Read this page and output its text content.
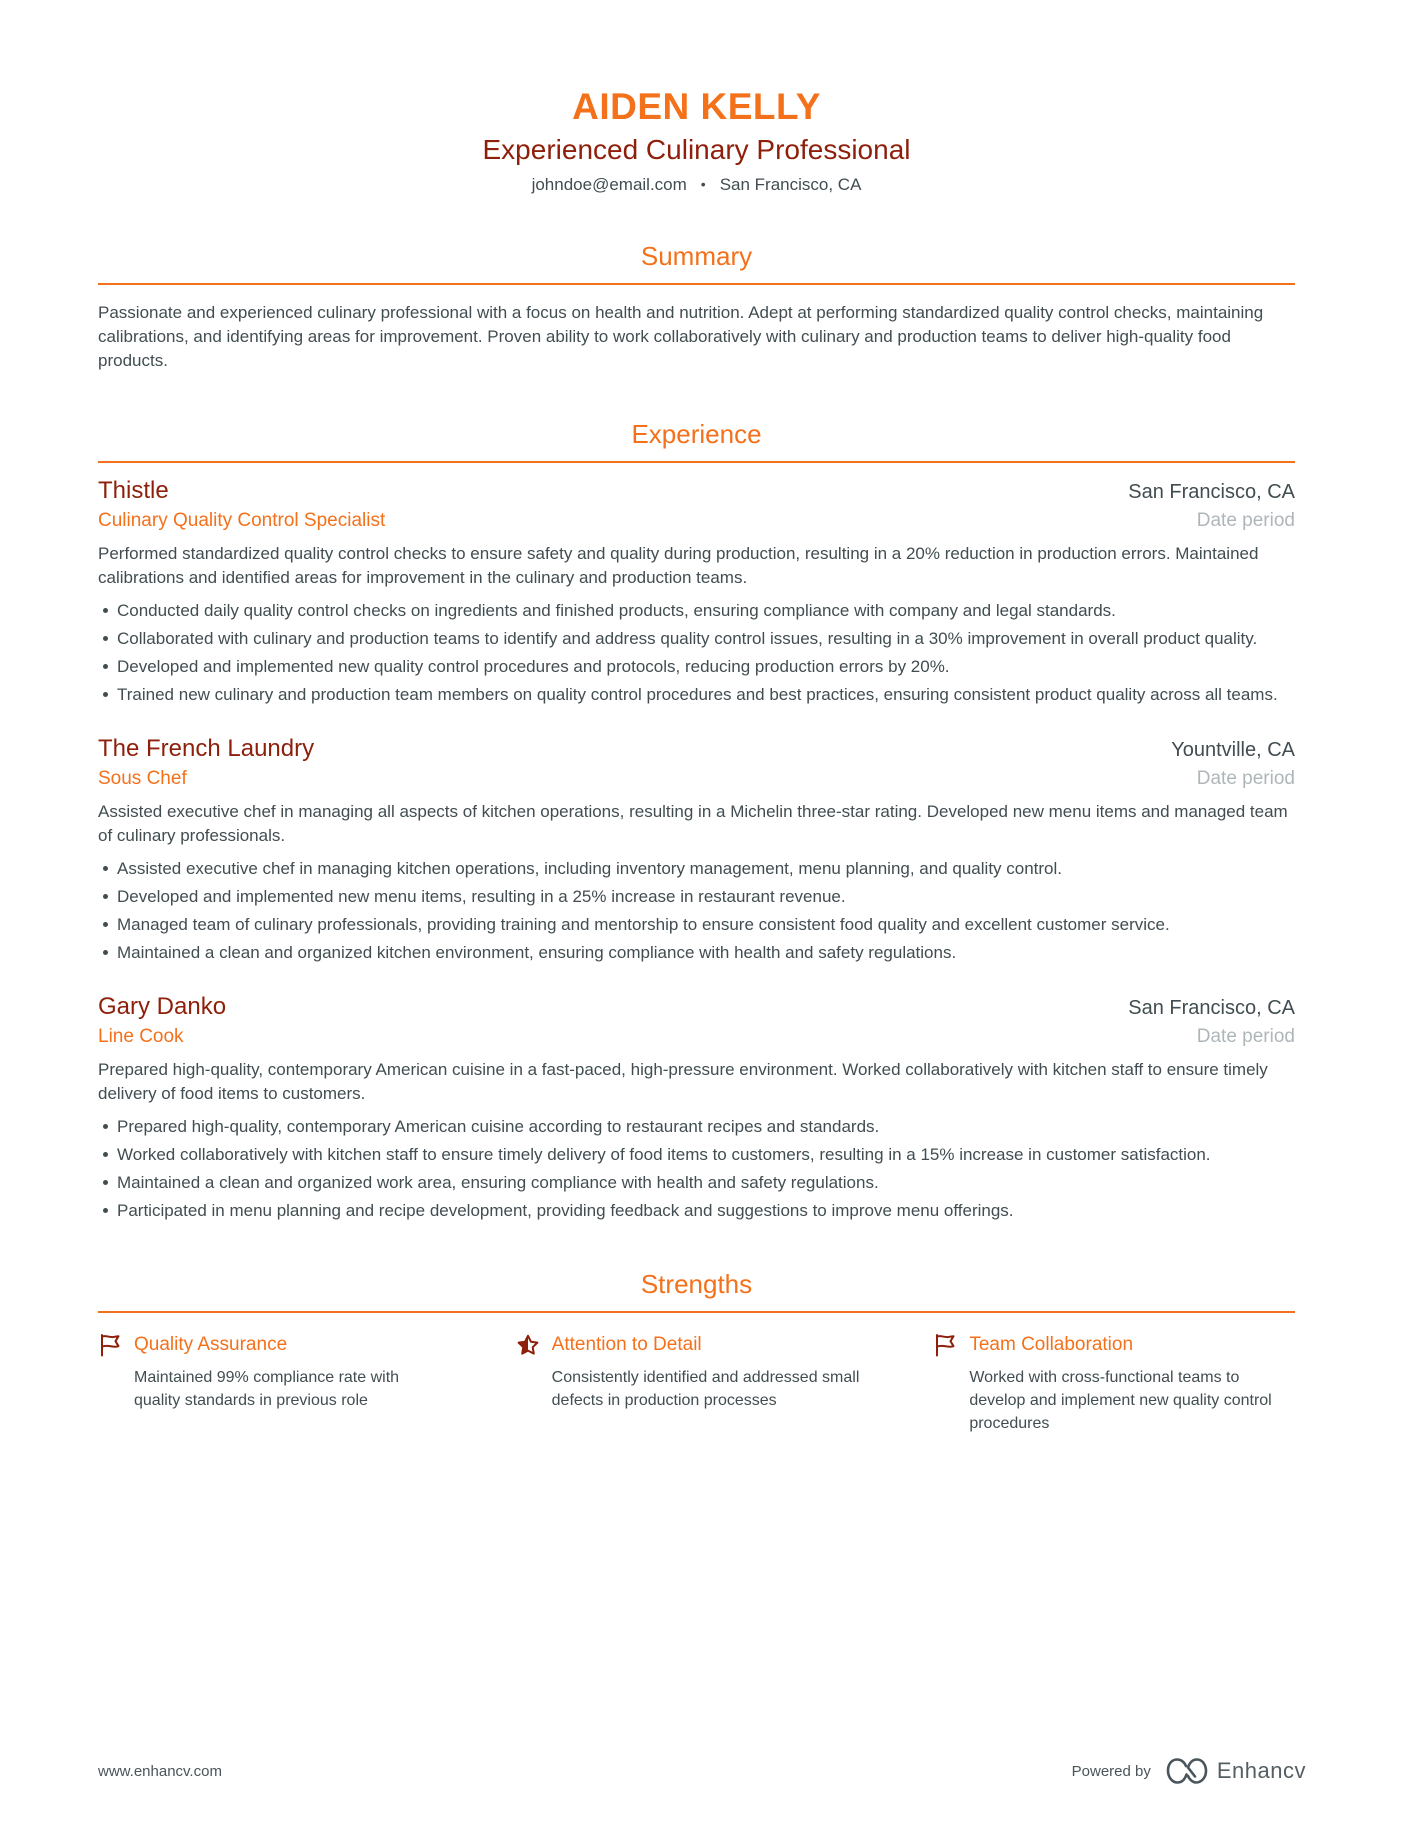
AIDEN KELLY
Experienced Culinary Professional
johndoe@email.com • San Francisco, CA
Summary

Passionate and experienced culinary professional with a focus on health and nutrition. Adept at performing standardized quality control checks, maintaining calibrations, and identifying areas for improvement. Proven ability to work collaboratively with culinary and production teams to deliver high-quality food products.

Experience
Thistle	San Francisco, CA
Culinary Quality Control Specialist	Date period

Performed standardized quality control checks to ensure safety and quality during production, resulting in a 20% reduction in production errors. Maintained calibrations and identified areas for improvement in the culinary and production teams.

Conducted daily quality control checks on ingredients and finished products, ensuring compliance with company and legal standards.
Collaborated with culinary and production teams to identify and address quality control issues, resulting in a 30% improvement in overall product quality.
Developed and implemented new quality control procedures and protocols, reducing production errors by 20%.
Trained new culinary and production team members on quality control procedures and best practices, ensuring consistent product quality across all teams.
The French Laundry	Yountville, CA
Sous Chef	Date period

Assisted executive chef in managing all aspects of kitchen operations, resulting in a Michelin three-star rating. Developed new menu items and managed team of culinary professionals.

Assisted executive chef in managing kitchen operations, including inventory management, menu planning, and quality control.
Developed and implemented new menu items, resulting in a 25% increase in restaurant revenue.
Managed team of culinary professionals, providing training and mentorship to ensure consistent food quality and excellent customer service.
Maintained a clean and organized kitchen environment, ensuring compliance with health and safety regulations.
Gary Danko	San Francisco, CA
Line Cook	Date period

Prepared high-quality, contemporary American cuisine in a fast-paced, high-pressure environment. Worked collaboratively with kitchen staff to ensure timely delivery of food items to customers.

Prepared high-quality, contemporary American cuisine according to restaurant recipes and standards.
Worked collaboratively with kitchen staff to ensure timely delivery of food items to customers, resulting in a 15% increase in customer satisfaction.
Maintained a clean and organized work area, ensuring compliance with health and safety regulations.
Participated in menu planning and recipe development, providing feedback and suggestions to improve menu offerings.
Strengths
Quality Assurance
Maintained 99% compliance rate with quality standards in previous role
Attention to Detail
Consistently identified and addressed small defects in production processes
Team Collaboration
Worked with cross-functional teams to develop and implement new quality control procedures
www.enhancv.com	Powered by	Enhancv
